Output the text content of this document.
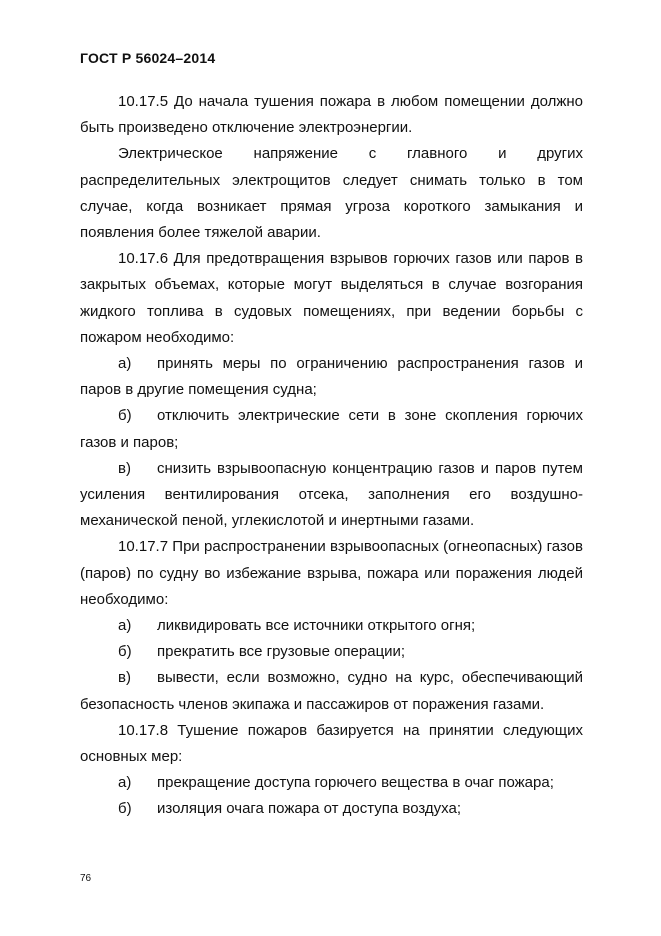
ГОСТ Р 56024–2014

10.17.5 До начала тушения пожара в любом помещении должно быть произведено отключение электроэнергии.

Электрическое напряжение с главного и других распределительных электрощитов следует снимать только в том случае, когда возникает прямая угроза короткого замыкания и появления более тяжелой аварии.

10.17.6 Для предотвращения взрывов горючих газов или паров в закрытых объемах, которые могут выделяться в случае возгорания жидкого топлива в судовых помещениях, при ведении борьбы с пожаром необходимо:

а) принять меры по ограничению распространения газов и паров в другие помещения судна;

б) отключить электрические сети в зоне скопления горючих газов и паров;

в) снизить взрывоопасную концентрацию газов и паров путем усиления вентилирования отсека, заполнения его воздушно-механической пеной, углекислотой и инертными газами.

10.17.7 При распространении взрывоопасных (огнеопасных) газов (паров) по судну во избежание взрыва, пожара или поражения людей необходимо:

а) ликвидировать все источники открытого огня;

б) прекратить все грузовые операции;

в) вывести, если возможно, судно на курс, обеспечивающий безопасность членов экипажа и пассажиров от поражения газами.

10.17.8 Тушение пожаров базируется на принятии следующих основных мер:

а) прекращение доступа горючего вещества в очаг пожара;

б) изоляция очага пожара от доступа воздуха;

76
